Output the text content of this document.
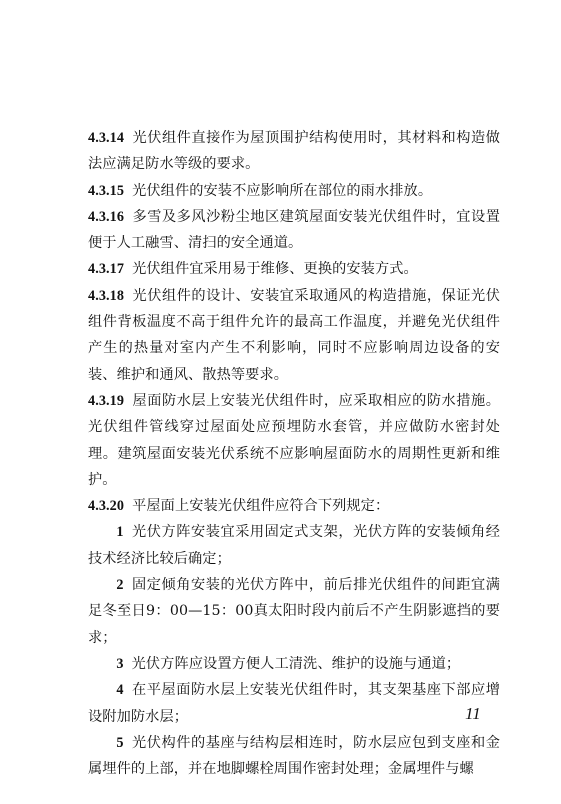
4.3.14 光伏组件直接作为屋顶围护结构使用时，其材料和构造做法应满足防水等级的要求。

4.3.15 光伏组件的安装不应影响所在部位的雨水排放。

4.3.16 多雪及多风沙粉尘地区建筑屋面安装光伏组件时，宜设置便于人工融雪、清扫的安全通道。

4.3.17 光伏组件宜采用易于维修、更换的安装方式。

4.3.18 光伏组件的设计、安装宜采取通风的构造措施，保证光伏组件背板温度不高于组件允许的最高工作温度，并避免光伏组件产生的热量对室内产生不利影响，同时不应影响周边设备的安装、维护和通风、散热等要求。

4.3.19 屋面防水层上安装光伏组件时，应采取相应的防水措施。光伏组件管线穿过屋面处应预埋防水套管，并应做防水密封处理。建筑屋面安装光伏系统不应影响屋面防水的周期性更新和维护。

4.3.20 平屋面上安装光伏组件应符合下列规定：

1 光伏方阵安装宜采用固定式支架，光伏方阵的安装倾角经技术经济比较后确定；

2 固定倾角安装的光伏方阵中，前后排光伏组件的间距宜满足冬至日9：00—15：00真太阳时段内前后不产生阴影遮挡的要求；

3 光伏方阵应设置方便人工清洗、维护的设施与通道；

4 在平屋面防水层上安装光伏组件时，其支架基座下部应增设附加防水层；

5 光伏构件的基座与结构层相连时，防水层应包到支座和金属埋件的上部，并在地脚螺栓周围作密封处理；金属埋件与螺

11
